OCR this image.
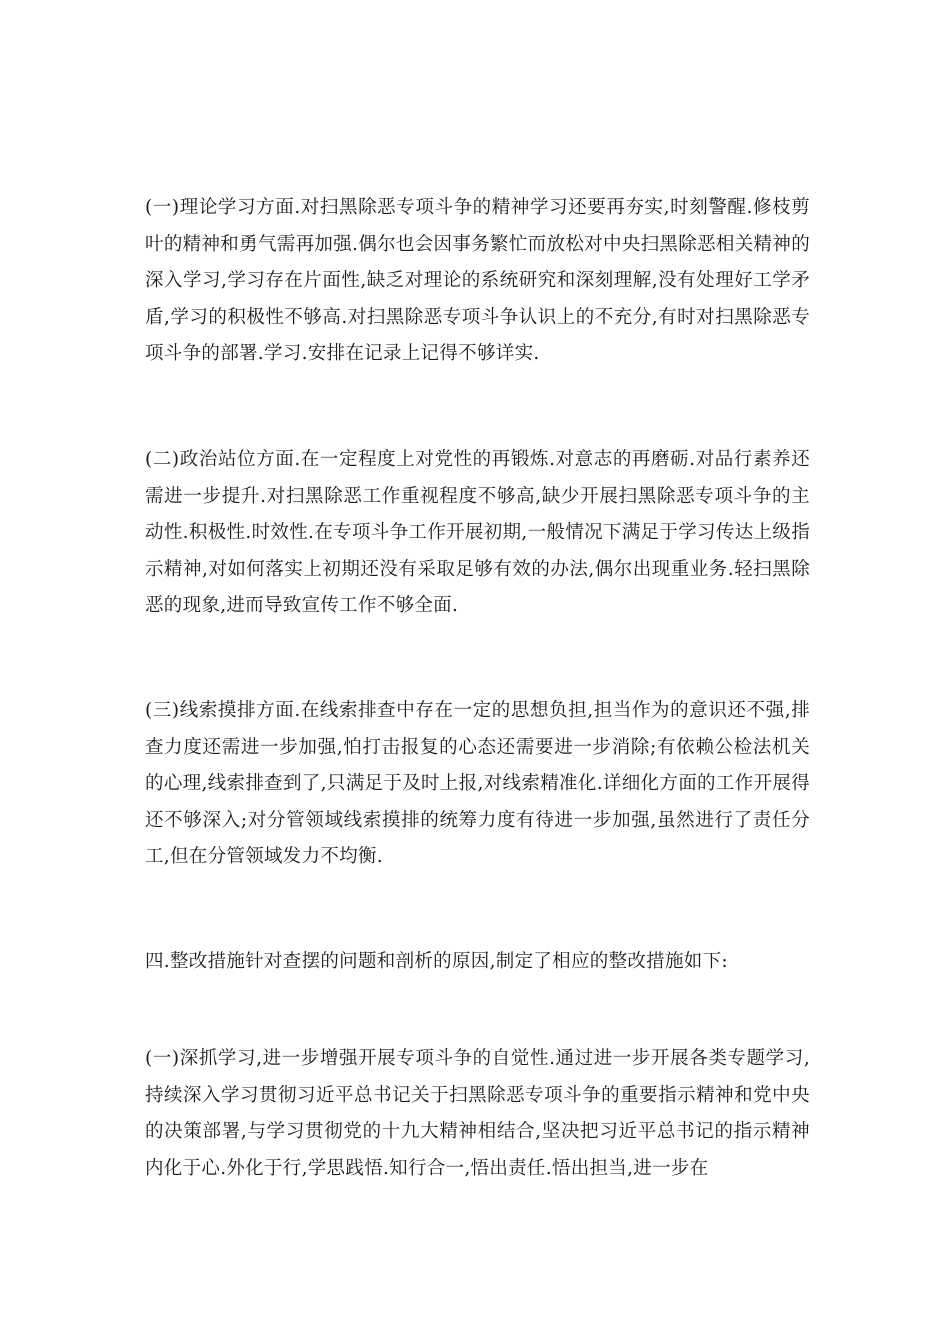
(一)理论学习方面.对扫黑除恶专项斗争的精神学习还要再夯实,时刻警醒.修枝剪叶的精神和勇气需再加强.偶尔也会因事务繁忙而放松对中央扫黑除恶相关精神的深入学习,学习存在片面性,缺乏对理论的系统研究和深刻理解,没有处理好工学矛盾,学习的积极性不够高.对扫黑除恶专项斗争认识上的不充分,有时对扫黑除恶专项斗争的部署.学习.安排在记录上记得不够详实.

(二)政治站位方面.在一定程度上对党性的再锻炼.对意志的再磨砺.对品行素养还需进一步提升.对扫黑除恶工作重视程度不够高,缺少开展扫黑除恶专项斗争的主动性.积极性.时效性.在专项斗争工作开展初期,一般情况下满足于学习传达上级指示精神,对如何落实上初期还没有采取足够有效的办法,偶尔出现重业务.轻扫黑除恶的现象,进而导致宣传工作不够全面.

(三)线索摸排方面.在线索排查中存在一定的思想负担,担当作为的意识还不强,排查力度还需进一步加强,怕打击报复的心态还需要进一步消除;有依赖公检法机关的心理,线索排查到了,只满足于及时上报,对线索精准化.详细化方面的工作开展得还不够深入;对分管领域线索摸排的统筹力度有待进一步加强,虽然进行了责任分工,但在分管领域发力不均衡.

四.整改措施针对查摆的问题和剖析的原因,制定了相应的整改措施如下:

(一)深抓学习,进一步增强开展专项斗争的自觉性.通过进一步开展各类专题学习,持续深入学习贯彻习近平总书记关于扫黑除恶专项斗争的重要指示精神和党中央的决策部署,与学习贯彻党的十九大精神相结合,坚决把习近平总书记的指示精神内化于心.外化于行,学思践悟.知行合一,悟出责任.悟出担当,进一步在
